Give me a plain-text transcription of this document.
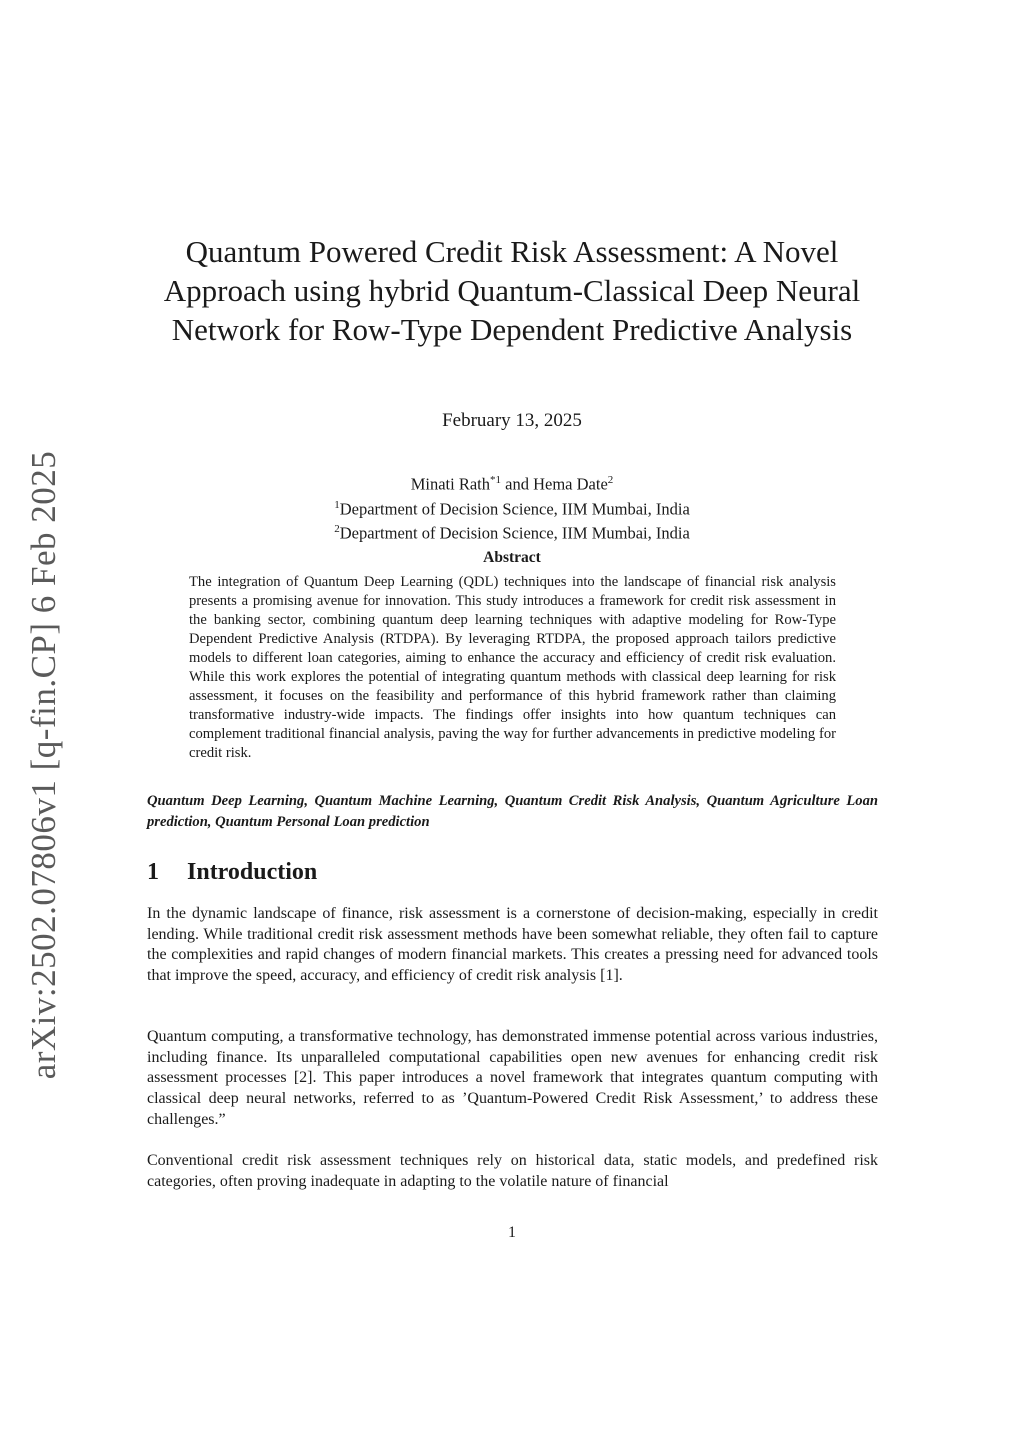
arXiv:2502.07806v1 [q-fin.CP] 6 Feb 2025
Quantum Powered Credit Risk Assessment: A Novel
Approach using hybrid Quantum-Classical Deep Neural
Network for Row-Type Dependent Predictive Analysis
February 13, 2025
Minati Rath$^{*1}$ and Hema Date$^2$
$^1$Department of Decision Science, IIM Mumbai, India
$^2$Department of Decision Science, IIM Mumbai, India
Abstract

The integration of Quantum Deep Learning (QDL) techniques into the landscape of financial risk analysis presents a promising avenue for innovation. This study introduces a framework for credit risk assessment in the banking sector, combining quantum deep learning techniques with adaptive modeling for Row-Type Dependent Predictive Analysis (RTDPA). By leveraging RTDPA, the proposed approach tailors predictive models to different loan categories, aiming to enhance the accuracy and efficiency of credit risk evaluation. While this work explores the potential of integrating quantum methods with classical deep learning for risk assessment, it focuses on the feasibility and performance of this hybrid framework rather than claiming transformative industry-wide impacts. The findings offer insights into how quantum techniques can complement traditional financial analysis, paving the way for further advancements in predictive modeling for credit risk.

Quantum Deep Learning, Quantum Machine Learning, Quantum Credit Risk Analysis, Quantum Agriculture Loan prediction, Quantum Personal Loan prediction

1 Introduction

In the dynamic landscape of finance, risk assessment is a cornerstone of decision-making, especially in credit lending. While traditional credit risk assessment methods have been somewhat reliable, they often fail to capture the complexities and rapid changes of modern financial markets. This creates a pressing need for advanced tools that improve the speed, accuracy, and efficiency of credit risk analysis [1].

Quantum computing, a transformative technology, has demonstrated immense potential across various industries, including finance. Its unparalleled computational capabilities open new avenues for enhancing credit risk assessment processes [2]. This paper introduces a novel framework that integrates quantum computing with classical deep neural networks, referred to as ’Quantum-Powered Credit Risk Assessment,’ to address these challenges.”

Conventional credit risk assessment techniques rely on historical data, static models, and predefined risk categories, often proving inadequate in adapting to the volatile nature of financial

1
